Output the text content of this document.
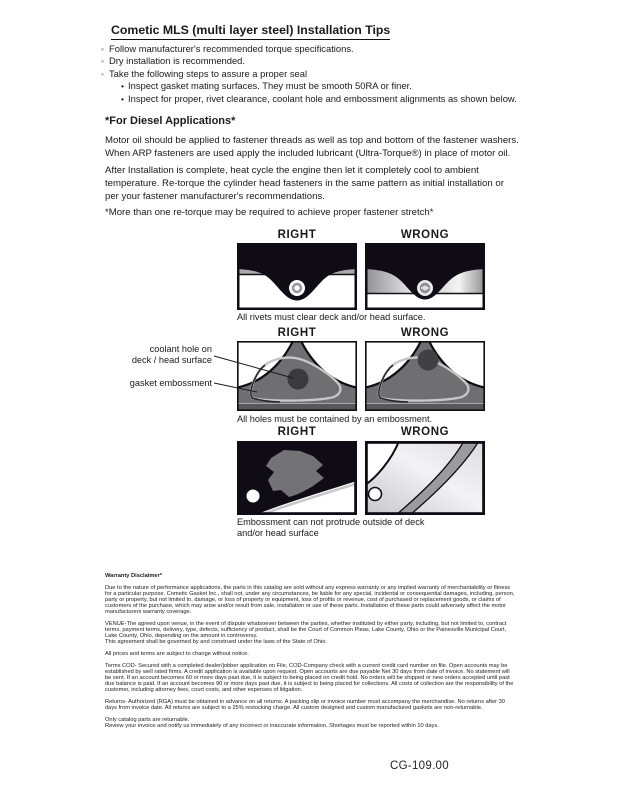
Cometic MLS (multi layer steel) Installation Tips
◦ Follow manufacturer's recommended torque specifications.
◦ Dry installation is recommended.
◦ Take the following steps to assure a proper seal
• Inspect gasket mating surfaces. They must be smooth 50RA or finer.
• Inspect for proper, rivet clearance, coolant hole and embossment alignments as shown below.
*For Diesel Applications*

Motor oil should be applied to fastener threads as well as top and bottom of the fastener washers. When ARP fasteners are used apply the included lubricant (Ultra-Torque®) in place of motor oil.

After Installation is complete, heat cycle the engine then let it completely cool to ambient temperature. Re-torque the cylinder head fasteners in the same pattern as initial installation or per your fastener manufacturer's recommendations.

*More than one re-torque may be required to achieve proper fastener stretch*

RIGHT	WRONG
All rivets must clear deck and/or head surface.
RIGHT	WRONG
coolant hole on
deck / head surface
gasket embossment
All holes must be contained by an embossment.
RIGHT	WRONG
Embossment can not protrude outside of deck and/or head surface
Warranty Disclaimer*

Due to the nature of performance applications, the parts in this catalog are sold without any express warranty or any implied warranty of merchantability or fitness for a particular purpose. Cometic Gasket Inc., shall not, under any circumstances, be liable for any special, incidental or consequential damages, including, person, party or property, but not limited to, damage, or loss of property or equipment, loss of profits or revenue, cost of purchased or replacement goods, or claims of customers of the purchase, which may arise and/or result from sale, installation or use of these parts. Installation of these parts could adversely affect the motor manufacturers warranty coverage.

VENUE-The agreed upon venue, in the event of dispute whatsoever between the parties, whether instituted by either party, including, but not limited to, contract terms, payment terms, delivery, type, defects, sufficiency of product, shall be the Court of Common Pleas, Lake County, Ohio or the Painesville Municipal Court, Lake County, Ohio, depending on the amount in controversy.

This agreement shall be governed by and construed under the laws of the State of Ohio.

All prices and terms are subject to change without notice.

Terms COD- Secured with a completed dealer/jobber application on File, COD-Company check with a current credit card number on file. Open accounts may be established by well rated firms. A credit application is available upon request. Open accounts are due payable Net 30 days from date of invoice. No statement will be sent. If an account becomes 60 or more days past due, it is subject to being placed on credit hold. No orders will be shipped or new orders accepted until past due balance is paid. If an account becomes 90 or more days past due, it is subject to being placed for collections. All costs of collection are the responsibility of the customer, including attorney fees, court costs, and other expenses of litigation.

Returns- Authorized (RGA) must be obtained in advance on all returns. A packing slip or invoice number must accompany the merchandise. No returns after 30 days from invoice date. All returns are subject to a 25% restocking charge. All custom designed and custom manufactured gaskets are non-returnable.

Only catalog parts are returnable.

Review your invoice and notify us immediately of any incorrect or inaccurate information. Shortages must be reported within 10 days.

CG-109.00
